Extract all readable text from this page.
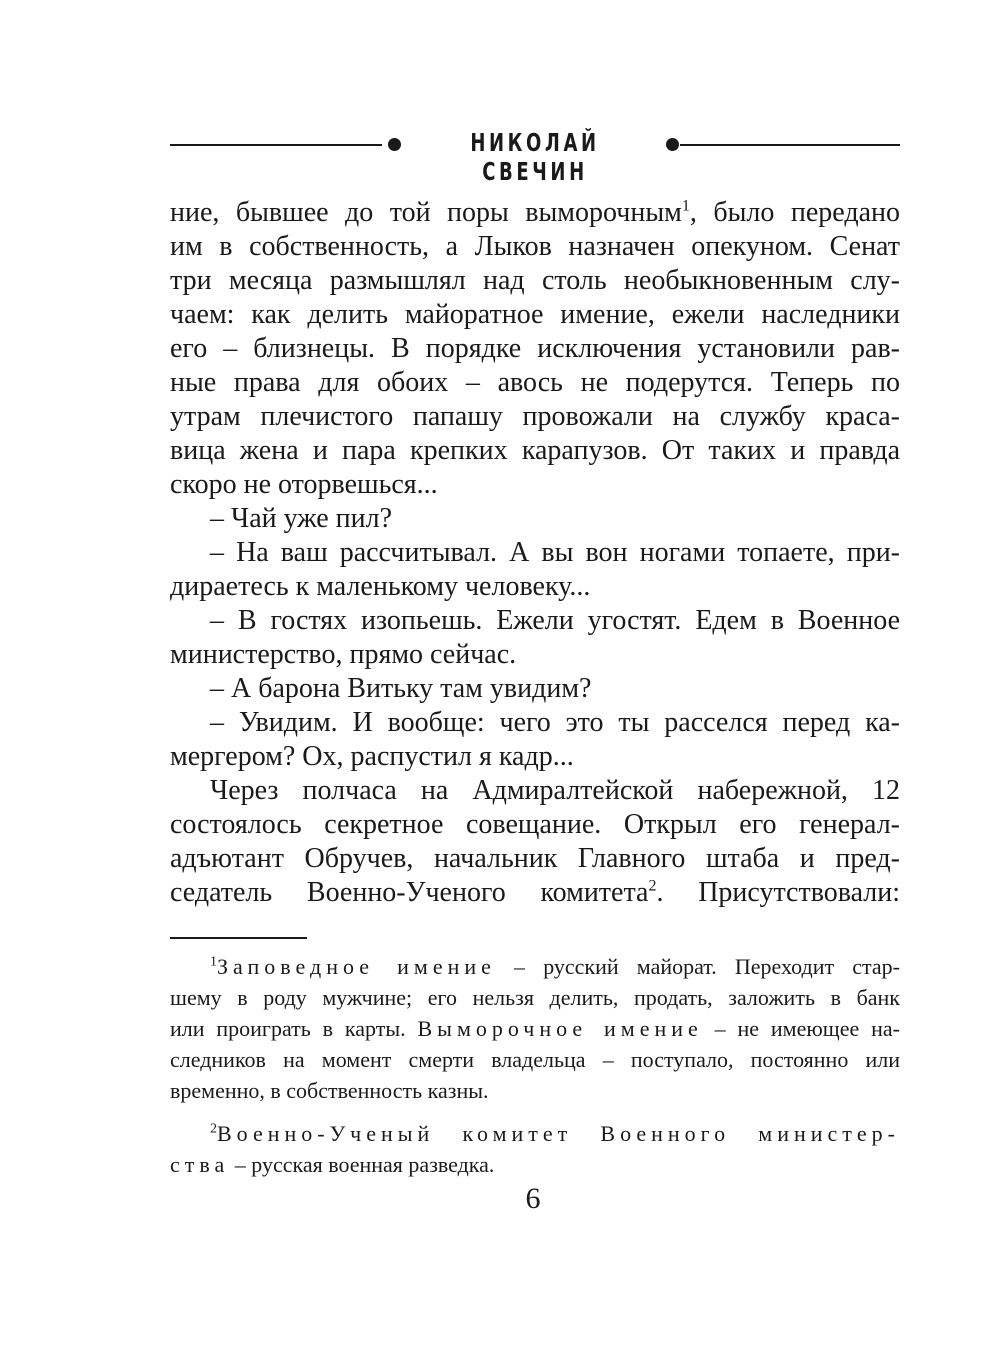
НИКОЛАЙ СВЕЧИН
ние, бывшее до той поры выморочным$^1$, было передано
им в собственность, а Лыков назначен опекуном. Сенат
три месяца размышлял над столь необыкновенным слу-
чаем: как делить майоратное имение, ежели наследники
его – близнецы. В порядке исключения установили рав-
ные права для обоих – авось не подерутся. Теперь по
утрам плечистого папашу провожали на службу краса-
вица жена и пара крепких карапузов. От таких и правда
скоро не оторвешься...
– Чай уже пил?
– На ваш рассчитывал. А вы вон ногами топаете, при-
дираетесь к маленькому человеку...
– В гостях изопьешь. Ежели угостят. Едем в Военное
министерство, прямо сейчас.
– А барона Витьку там увидим?
– Увидим. И вообще: чего это ты расселся перед ка-
мергером? Ох, распустил я кадр...
Через полчаса на Адмиралтейской набережной, 12
состоялось секретное совещание. Открыл его генерал-
адъютант Обручев, начальник Главного штаба и пред-
седатель Военно-Ученого комитета$^2$. Присутствовали:
$^1$Заповедное имение – русский майорат. Переходит стар-
шему в роду мужчине; его нельзя делить, продать, заложить в банк
или проиграть в карты. Выморочное имение – не имеющее на-
следников на момент смерти владельца – поступало, постоянно или
временно, в собственность казны.
$^2$Военно-Ученый комитет Военного министер-
ства – русская военная разведка.
6
